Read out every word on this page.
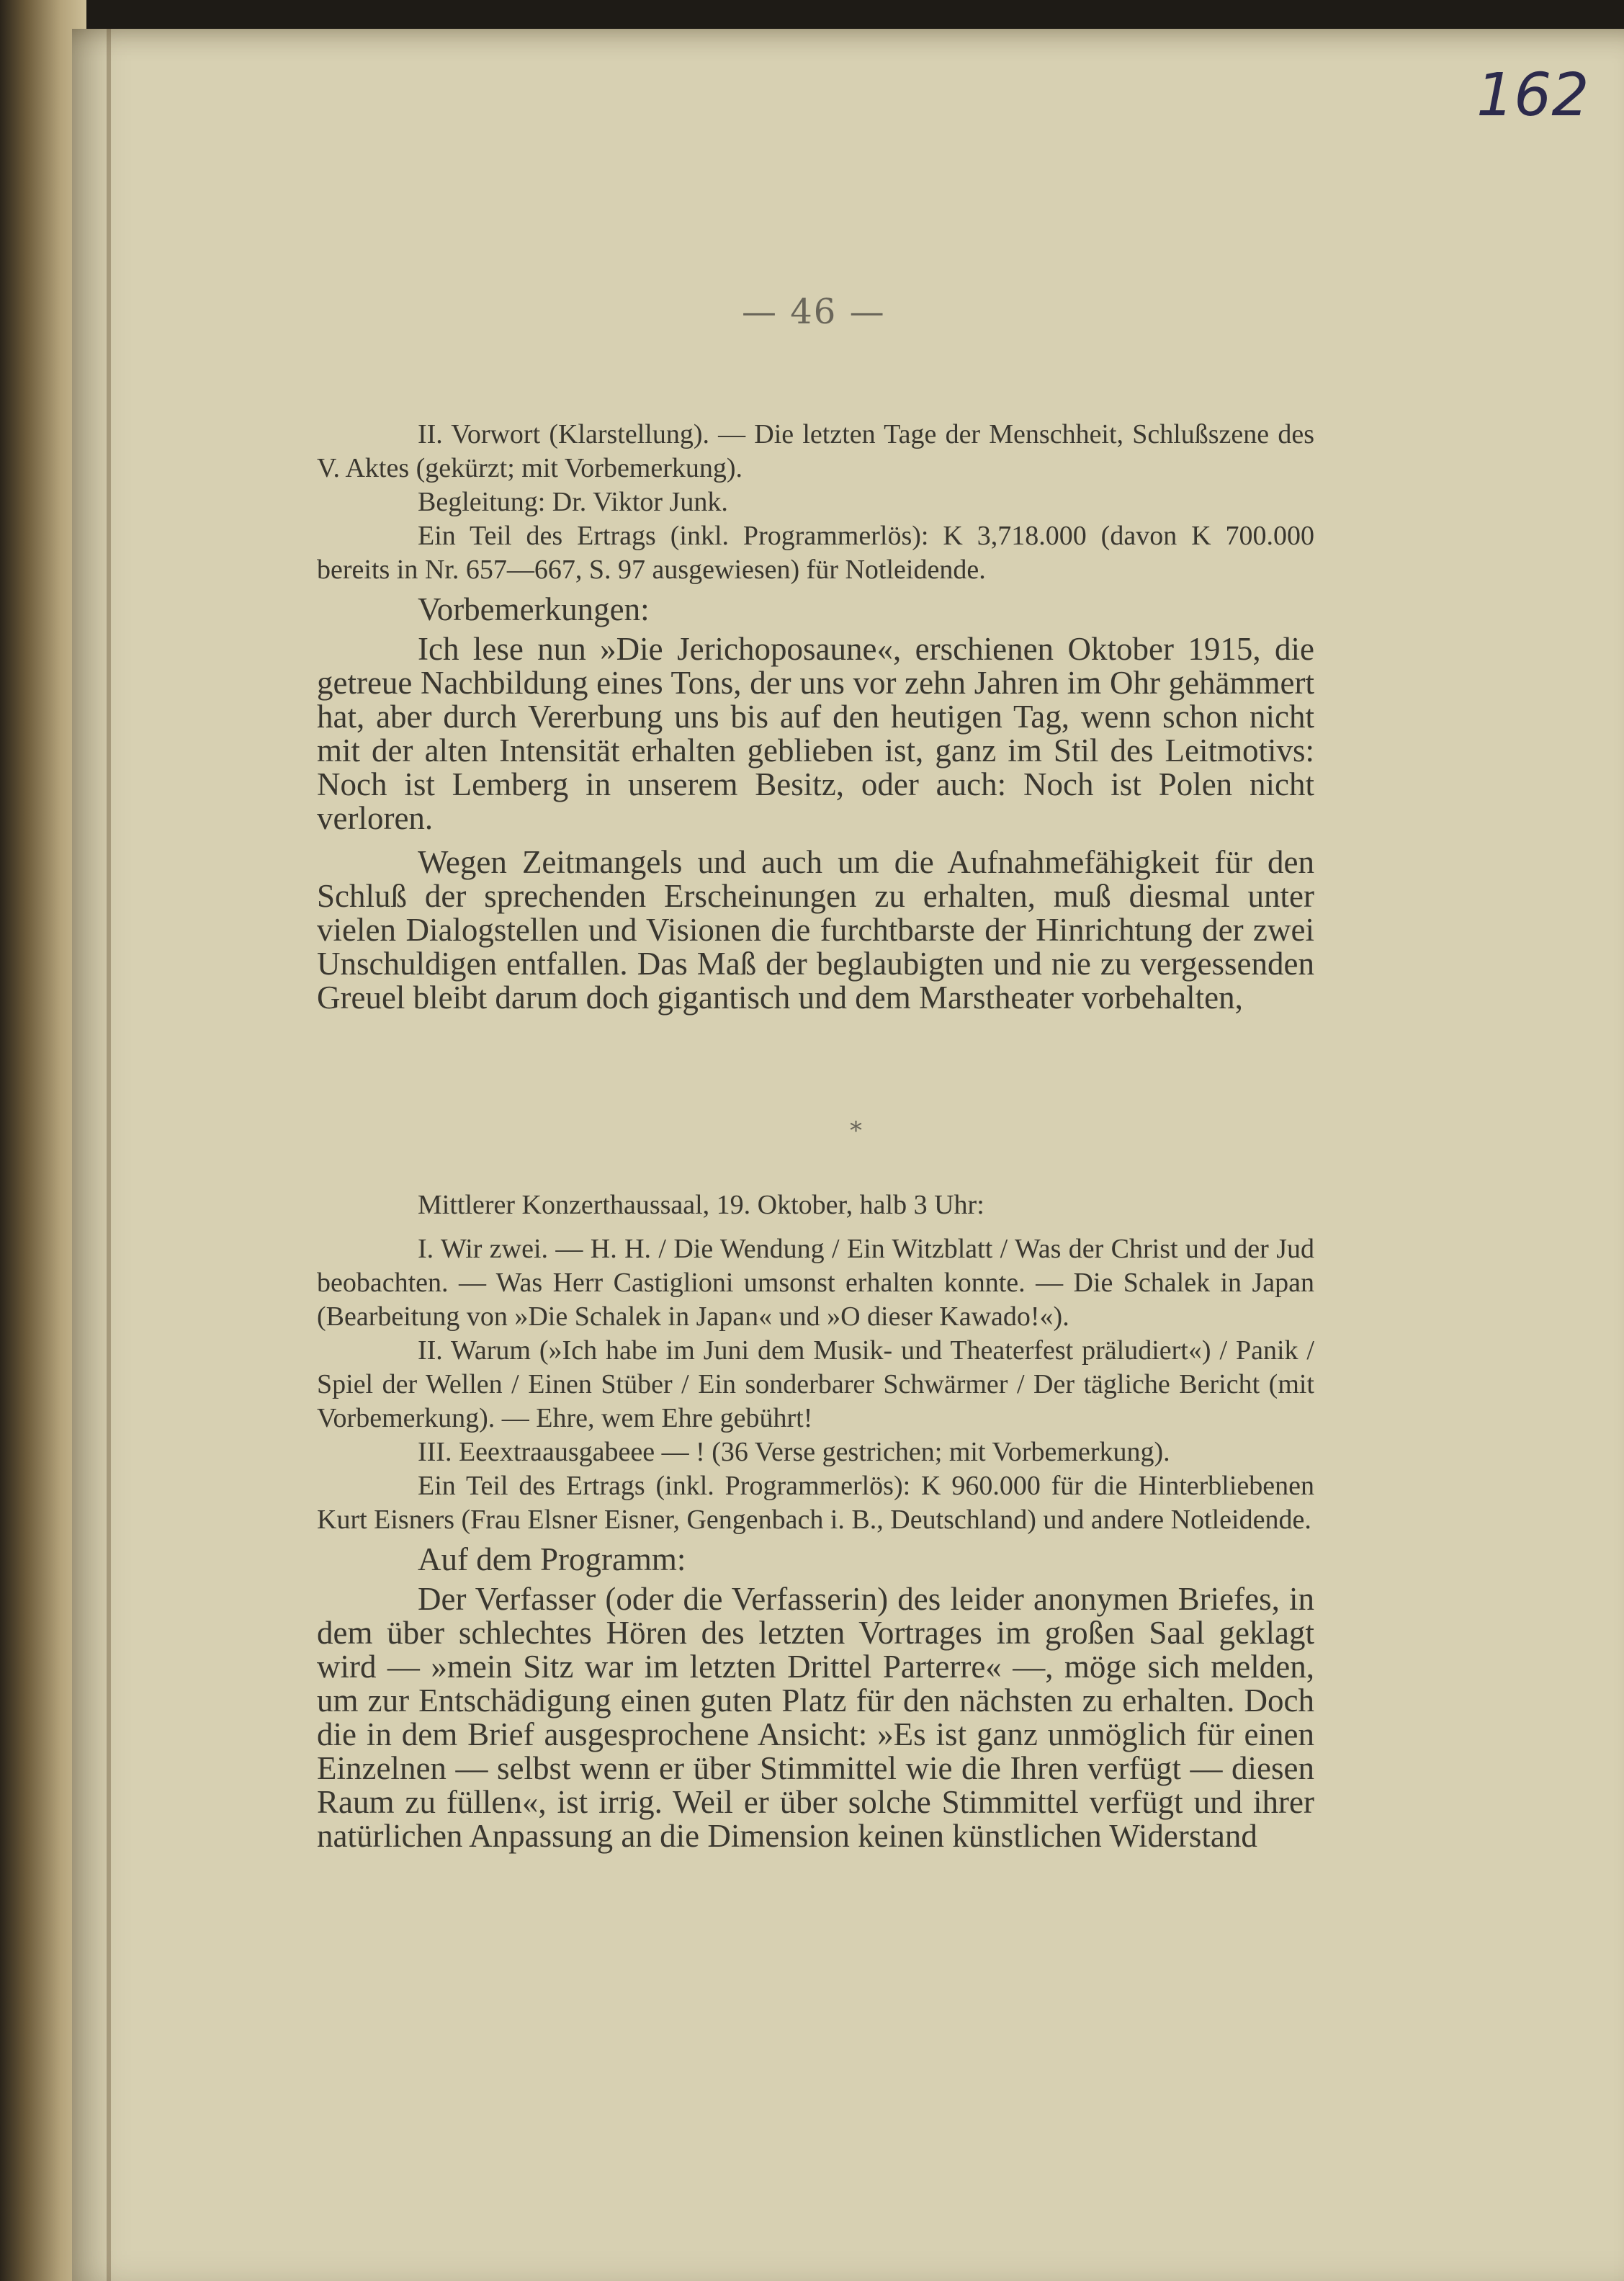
162
— 46 —

II. Vorwort (Klarstellung). — Die letzten Tage der Menschheit, Schlußszene des V. Aktes (gekürzt; mit Vorbemerkung).

Begleitung: Dr. Viktor Junk.

Ein Teil des Ertrags (inkl. Programmerlös): K 3,718.000 (davon K 700.000 bereits in Nr. 657—667, S. 97 ausgewiesen) für Notleidende.

Vorbemerkungen:

Ich lese nun »Die Jerichoposaune«, erschienen Oktober 1915, die getreue Nachbildung eines Tons, der uns vor zehn Jahren im Ohr gehämmert hat, aber durch Vererbung uns bis auf den heutigen Tag, wenn schon nicht mit der alten Intensität erhalten geblieben ist, ganz im Stil des Leitmotivs: Noch ist Lemberg in unserem Besitz, oder auch: Noch ist Polen nicht verloren.

Wegen Zeitmangels und auch um die Aufnahmefähigkeit für den Schluß der sprechenden Erscheinungen zu erhalten, muß diesmal unter vielen Dialogstellen und Visionen die furchtbarste der Hinrichtung der zwei Unschuldigen entfallen. Das Maß der beglaubigten und nie zu vergessenden Greuel bleibt darum doch gigantisch und dem Marstheater vorbehalten,

*

Mittlerer Konzerthaussaal, 19. Oktober, halb 3 Uhr:

I. Wir zwei. — H. H. / Die Wendung / Ein Witzblatt / Was der Christ und der Jud beobachten. — Was Herr Castiglioni umsonst erhalten konnte. — Die Schalek in Japan (Bearbeitung von »Die Schalek in Japan« und »O dieser Kawado!«).

II. Warum (»Ich habe im Juni dem Musik- und Theaterfest präludiert«) / Panik / Spiel der Wellen / Einen Stüber / Ein sonderbarer Schwärmer / Der tägliche Bericht (mit Vorbemerkung). — Ehre, wem Ehre gebührt!

III. Eeextraausgabeee — ! (36 Verse gestrichen; mit Vorbemerkung).

Ein Teil des Ertrags (inkl. Programmerlös): K 960.000 für die Hinterbliebenen Kurt Eisners (Frau Elsner Eisner, Gengenbach i. B., Deutschland) und andere Notleidende.

Auf dem Programm:

Der Verfasser (oder die Verfasserin) des leider anonymen Briefes, in dem über schlechtes Hören des letzten Vortrages im großen Saal geklagt wird — »mein Sitz war im letzten Drittel Parterre« —, möge sich melden, um zur Entschädigung einen guten Platz für den nächsten zu erhalten. Doch die in dem Brief ausgesprochene Ansicht: »Es ist ganz unmöglich für einen Einzelnen — selbst wenn er über Stimmittel wie die Ihren verfügt — diesen Raum zu füllen«, ist irrig. Weil er über solche Stimmittel verfügt und ihrer natürlichen Anpassung an die Dimension keinen künstlichen Widerstand
